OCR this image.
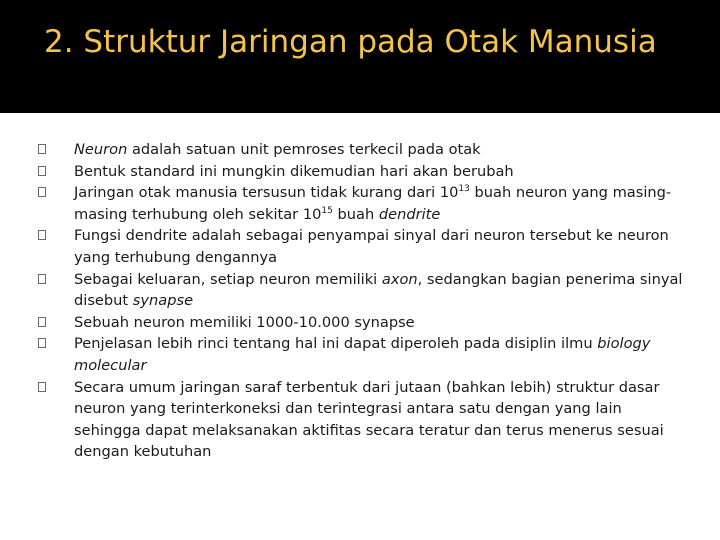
2. Struktur Jaringan pada Otak Manusia
Neuron adalah satuan unit pemroses terkecil pada otak
Bentuk standard ini mungkin dikemudian hari akan berubah
Jaringan otak manusia tersusun tidak kurang dari $10^{13}$ buah neuron yang masing-masing terhubung oleh sekitar $10^{15}$ buah dendrite
Fungsi dendrite adalah sebagai penyampai sinyal dari neuron tersebut ke neuron yang terhubung dengannya
Sebagai keluaran, setiap neuron memiliki axon, sedangkan bagian penerima sinyal disebut synapse
Sebuah neuron memiliki 1000-10.000 synapse
Penjelasan lebih rinci tentang hal ini dapat diperoleh pada disiplin ilmu biology molecular
Secara umum jaringan saraf terbentuk dari jutaan (bahkan lebih) struktur dasar neuron yang terinterkoneksi dan terintegrasi antara satu dengan yang lain sehingga dapat melaksanakan aktifitas secara teratur dan terus menerus sesuai dengan kebutuhan
